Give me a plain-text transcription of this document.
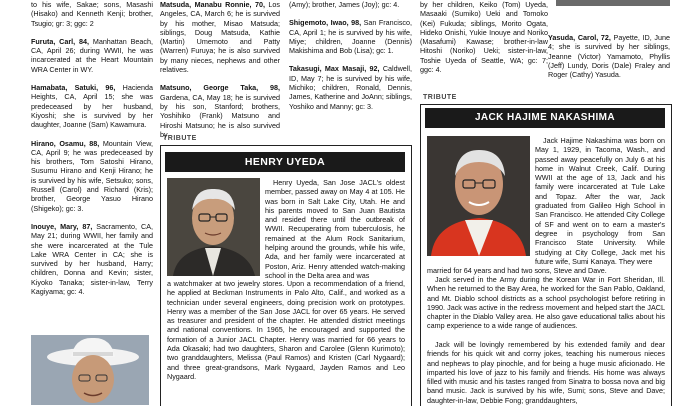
to his wife, Sakae; sons, Masashi (Hisako) and Kenneth Kenji; brother, Tsugio; gr: 3; ggc: 2

Furuta, Carl, 84, Manhattan Beach, CA, April 26; during WWII, he was incarcerated at the Heart Mountain WRA Center in WY.

Hamabata, Satuki, 96, Hacienda Heights, CA, April 15; she was predeceased by her husband, Kiyoshi; she is survived by her daughter, Joanne (Sam) Kawamura.

Hirano, Osamu, 88, Mountain View, CA, April 9; he was predeceased by his brothers, Tom Satoshi Hirano, Susumu Hirano and Kenji Hirano; he is survived by his wife, Setsuko; sons, Russell (Carol) and Richard (Kris); brother, George Yasuo Hirano (Shigeko); gc: 3.

Inouye, Mary, 87, Sacramento, CA, May 21; during WWII, her family and she were incarcerated at the Tule Lake WRA Center in CA; she is survived by her husband, Harry; children, Donna and Kevin; sister, Kiyoko Tanaka; sister-in-law, Terry Kagiyama; gc: 4.

Matsuda, Manabu Ronnie, 70, Los Angeles, CA, March 6; he is survived by his mother, Misao Matsuda; siblings, Doug Matsuda, Kathie (Martin) Umemoto and Patty (Warren) Furuya; he is also survived by many nieces, nephews and other relatives.

Matsuno, George Taka, 98, Gardena, CA, May 18; he is survived by his son, Stanford; brothers, Yoshihiko (Frank) Matsuno and Hiroshi Matsuno; he is also survived by

(Amy); brother, James (Joy); gc: 4.

Shigemoto, Iwao, 98, San Francisco, CA, April 1; he is survived by his wife, Miye; children, Joanne (Dennis) Makishima and Bob (Lisa); gc: 1.

Takasugi, Max Masaji, 92, Caldwell, ID, May 7; he is survived by his wife, Michiko; children, Ronald, Dennis, James, Katherine and JoAnn; siblings, Yoshiko and Manny; gc: 3.

by her children, Keiko (Tom) Uyeda, Masaaki (Sumiko) Ueki and Tomoko (Kei) Fukuda; siblings, Morito Ogata, Hideko Onishi, Yukie Inouye and Noriko (Masafumi) Kawase; brother-in-law Hitoshi (Noriko) Ueki; sister-in-law, Toshie Uyeda of Seattle, WA; gc: 7; ggc: 4.

Yasuda, Carol, 72, Payette, ID, June 4; she is survived by her siblings, Jeanne (Victor) Yamamoto, Phyllis (Jeff) Lundy, Doris (Dale) Fraley and Roger (Cathy) Yasuda.

TRIBUTE
HENRY UYEDA
Henry Uyeda, San Jose JACL's oldest member, passed away on May 4 at 105. He was born in Salt Lake City, Utah. He and his parents moved to San Juan Bautista and resided there until the outbreak of WWII. Recuperating from tuberculosis, he remained at the Alum Rock Sanitarium, helping around the grounds, while his wife, Ada, and her family were incarcerated at Poston, Ariz. Henry attended watch-making school in the Delta area and was
a watchmaker at two jewelry stores. Upon a recommendation of a friend, he applied at Beckman Instruments in Palo Alto, Calif., and worked as a technician under several engineers, doing precision work on prototypes. Henry was a member of the San Jose JACL for over 65 years. He served as treasurer and president of the chapter. He attended district meetings and national conventions. In 1965, he encouraged and supported the formation of a Junior JACL Chapter. Henry was married for 66 years to Ada Okasaki; had two daughters, Sharon and Carolee (Glenn Kurimoto); two granddaughters, Melissa (Paul Ramos) and Kristen (Carl Nygaard); and three great-grandsons, Mark Nygaard, Jayden Ramos and Leo Nygaard.
TRIBUTE
JACK HAJIME NAKASHIMA
Jack Hajime Nakashima was born on May 1, 1929, in Tacoma, Wash., and passed away peacefully on July 6 at his home in Walnut Creek, Calif. During WWII at the age of 13, Jack and his family were incarcerated at Tule Lake and Topaz. After the war, Jack graduated from Galileo High School in San Francisco. He attended City College of SF and went on to earn a master's degree in psychology from San Francisco State University. While studying at City College, Jack met his future wife, Sumi Kanaya. They were
married for 64 years and had two sons, Steve and Dave.
Jack served in the Army during the Korean War in Fort Sheridan, Ill. When he returned to the Bay Area, he worked for the San Pablo, Oakland, and Mt. Diablo school districts as a school psychologist before retiring in 1990. Jack was active in the redress movement and helped start the JACL chapter in the Diablo Valley area. He also gave educational talks about his camp experience to a wide range of audiences.
Jack will be lovingly remembered by his extended family and dear friends for his quick wit and corny jokes, teaching his numerous nieces and nephews to play pinochle, and for being a huge music aficionado. He imparted his love of jazz to his family and friends. His home was always filled with music and his tastes ranged from Sinatra to bossa nova and big band music. Jack is survived by his wife, Sumi; sons, Steve and Dave; daughter-in-law, Debbie Fong; granddaughters,
